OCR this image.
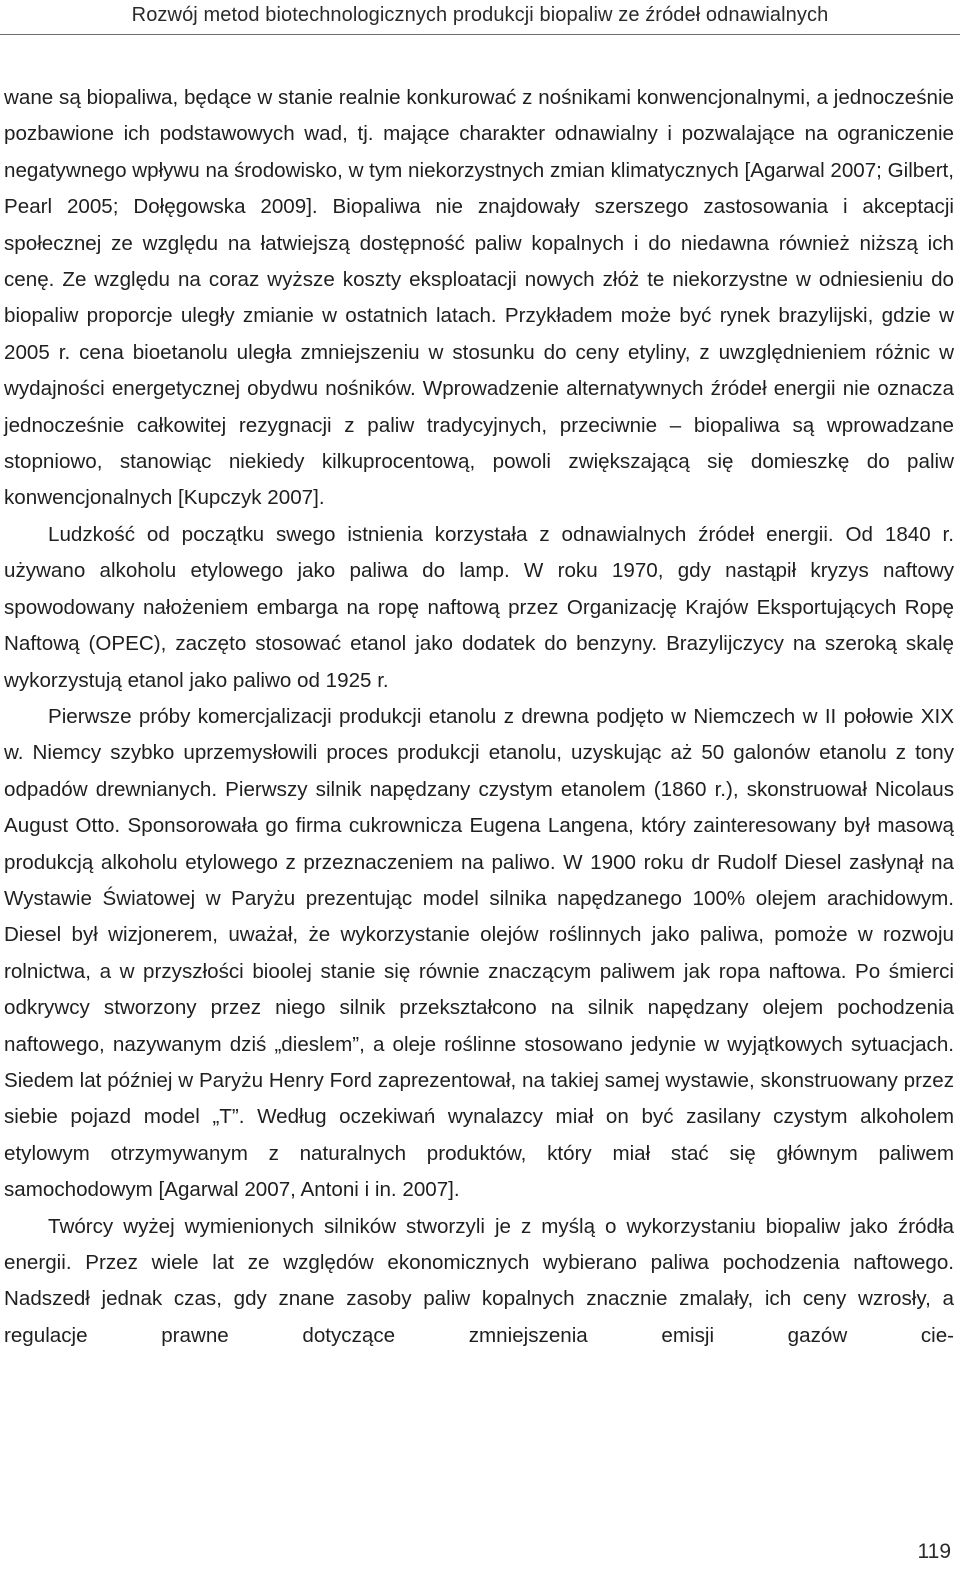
Rozwój metod biotechnologicznych produkcji biopaliw ze źródeł odnawialnych

wane są biopaliwa, będące w stanie realnie konkurować z nośnikami konwencjonalnymi, a jednocześnie pozbawione ich podstawowych wad, tj. mające charakter odnawialny i pozwalające na ograniczenie negatywnego wpływu na środowisko, w tym niekorzystnych zmian klimatycznych [Agarwal 2007; Gilbert, Pearl 2005; Dołęgowska 2009]. Biopaliwa nie znajdowały szerszego zastosowania i akceptacji społecznej ze względu na łatwiejszą dostępność paliw kopalnych i do niedawna również niższą ich cenę. Ze względu na coraz wyższe koszty eksploatacji nowych złóż te niekorzystne w odniesieniu do biopaliw proporcje uległy zmianie w ostatnich latach. Przykładem może być rynek brazylijski, gdzie w 2005 r. cena bioetanolu uległa zmniejszeniu w stosunku do ceny etyliny, z uwzględnieniem różnic w wydajności energetycznej obydwu nośników. Wprowadzenie alternatywnych źródeł energii nie oznacza jednocześnie całkowitej rezygnacji z paliw tradycyjnych, przeciwnie – biopaliwa są wprowadzane stopniowo, stanowiąc niekiedy kilkuprocentową, powoli zwiększającą się domieszkę do paliw konwencjonalnych [Kupczyk 2007].

Ludzkość od początku swego istnienia korzystała z odnawialnych źródeł energii. Od 1840 r. używano alkoholu etylowego jako paliwa do lamp. W roku 1970, gdy nastąpił kryzys naftowy spowodowany nałożeniem embarga na ropę naftową przez Organizację Krajów Eksportujących Ropę Naftową (OPEC), zaczęto stosować etanol jako dodatek do benzyny. Brazylijczycy na szeroką skalę wykorzystują etanol jako paliwo od 1925 r.

Pierwsze próby komercjalizacji produkcji etanolu z drewna podjęto w Niemczech w II połowie XIX w. Niemcy szybko uprzemysłowili proces produkcji etanolu, uzyskując aż 50 galonów etanolu z tony odpadów drewnianych. Pierwszy silnik napędzany czystym etanolem (1860 r.), skonstruował Nicolaus August Otto. Sponsorowała go firma cukrownicza Eugena Langena, który zainteresowany był masową produkcją alkoholu etylowego z przeznaczeniem na paliwo. W 1900 roku dr Rudolf Diesel zasłynął na Wystawie Światowej w Paryżu prezentując model silnika napędzanego 100% olejem arachidowym. Diesel był wizjonerem, uważał, że wykorzystanie olejów roślinnych jako paliwa, pomoże w rozwoju rolnictwa, a w przyszłości bioolej stanie się równie znaczącym paliwem jak ropa naftowa. Po śmierci odkrywcy stworzony przez niego silnik przekształcono na silnik napędzany olejem pochodzenia naftowego, nazywanym dziś „dieslem”, a oleje roślinne stosowano jedynie w wyjątkowych sytuacjach. Siedem lat później w Paryżu Henry Ford zaprezentował, na takiej samej wystawie, skonstruowany przez siebie pojazd model „T”. Według oczekiwań wynalazcy miał on być zasilany czystym alkoholem etylowym otrzymywanym z naturalnych produktów, który miał stać się głównym paliwem samochodowym [Agarwal 2007, Antoni i in. 2007].

Twórcy wyżej wymienionych silników stworzyli je z myślą o wykorzystaniu biopaliw jako źródła energii. Przez wiele lat ze względów ekonomicznych wybierano paliwa pochodzenia naftowego. Nadszedł jednak czas, gdy znane zasoby paliw kopalnych znacznie zmalały, ich ceny wzrosły, a regulacje prawne dotyczące zmniejszenia emisji gazów cie-

119
